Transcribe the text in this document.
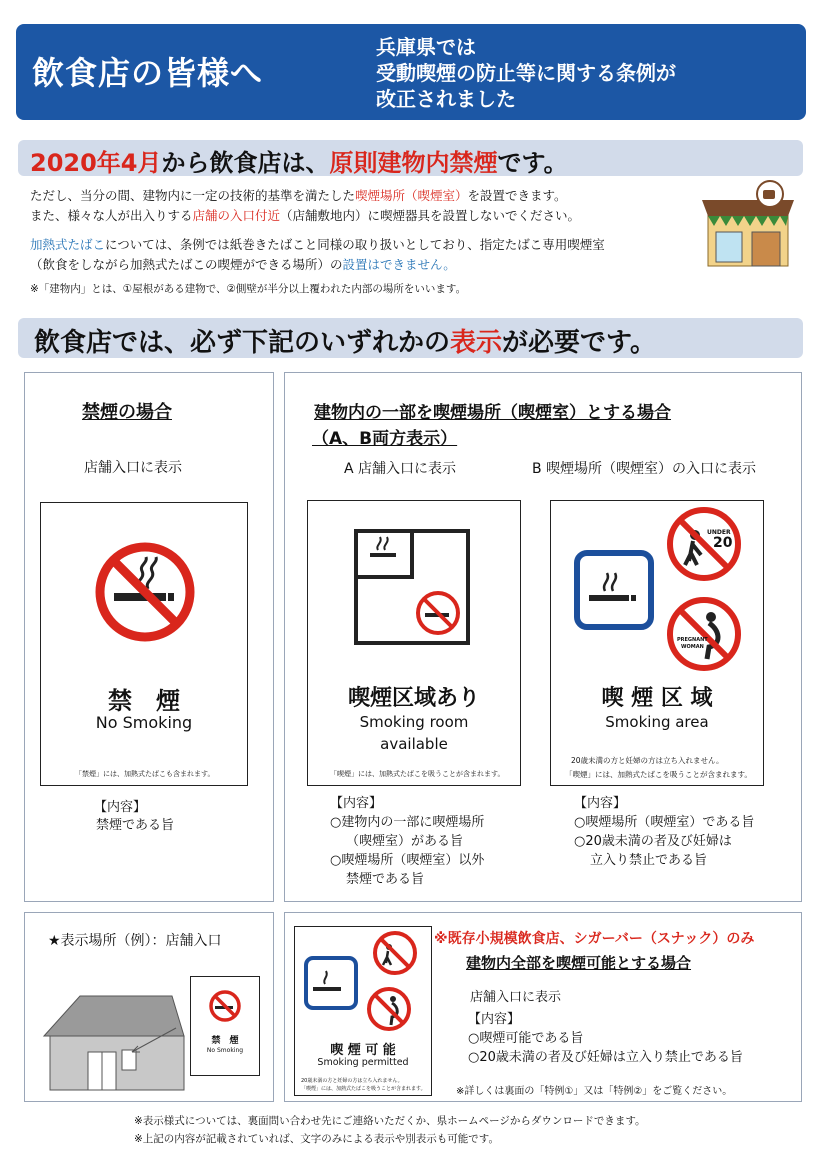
飲食店の皆様へ
兵庫県では
受動喫煙の防止等に関する条例が
改正されました
2020年4月から飲食店は、原則建物内禁煙です。
ただし、当分の間、建物内に一定の技術的基準を満たした喫煙場所（喫煙室）を設置できます。
また、様々な人が出入りする店舗の入口付近（店舗敷地内）に喫煙器具を設置しないでください。
加熱式たばこについては、条例では紙巻きたばこと同様の取り扱いとしており、指定たばこ専用喫煙室
（飲食をしながら加熱式たばこの喫煙ができる場所）の設置はできません。
※「建物内」とは、①屋根がある建物で、②側壁が半分以上覆われた内部の場所をいいます。
飲食店では、必ず下記のいずれかの表示が必要です。
禁煙の場合
店舗入口に表示
禁　煙
No Smoking
「禁煙」には、加熱式たばこも含まれます。
【内容】
禁煙である旨
建物内の一部を喫煙場所（喫煙室）とする場合
（A、B両方表示）
A 店舗入口に表示	B 喫煙場所（喫煙室）の入口に表示
喫煙区域あり
Smoking room
available
「喫煙」には、加熱式たばこを吸うことが含まれます。
UNDER
20
PREGNANT
WOMAN
喫 煙 区 域
Smoking area
20歳未満の方と妊婦の方は立ち入れません。
「喫煙」には、加熱式たばこを吸うことが含まれます。
【内容】
○建物内の一部に喫煙場所
（喫煙室）がある旨
○喫煙場所（喫煙室）以外
禁煙である旨
【内容】
○喫煙場所（喫煙室）である旨
○20歳未満の者及び妊婦は
立入り禁止である旨
★表示場所（例）：店舗入口
禁　煙
No Smoking	喫 煙 可 能
Smoking permitted
20歳未満の方と妊婦の方は立ち入れません。
「喫煙」には、加熱式たばこを吸うことが含まれます。
※既存小規模飲食店、シガーバー（スナック）のみ
建物内全部を喫煙可能とする場合
店舗入口に表示
【内容】
○喫煙可能である旨
○20歳未満の者及び妊婦は立入り禁止である旨
※詳しくは裏面の「特例①」又は「特例②」をご覧ください。
※表示様式については、裏面問い合わせ先にご連絡いただくか、県ホームページからダウンロードできます。
※上記の内容が記載されていれば、文字のみによる表示や別表示も可能です。
